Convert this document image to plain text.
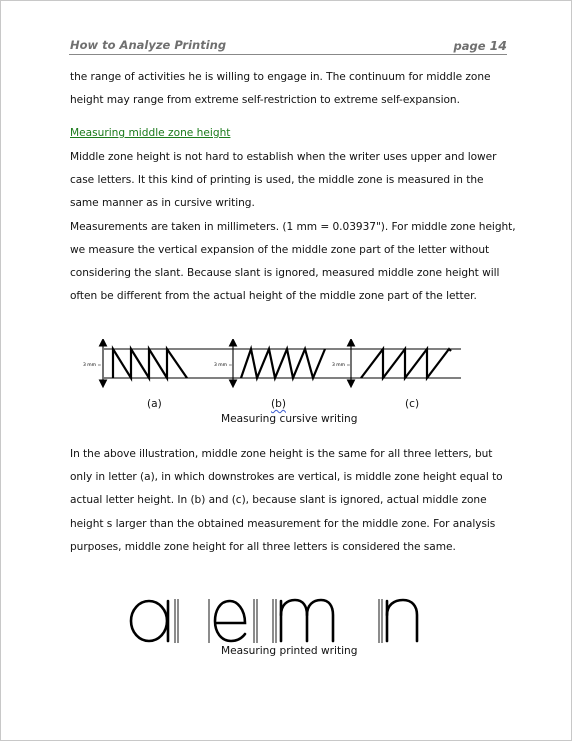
How to Analyze Printing	page 14
the range of activities he is willing to engage in. The continuum for middle zone
height may range from extreme self-restriction to extreme self-expansion.
Measuring middle zone height
Middle zone height is not hard to establish when the writer uses upper and lower
case letters. It this kind of printing is used, the middle zone is measured in the
same manner as in cursive writing.
Measurements are taken in millimeters. (1 mm = 0.03937"). For middle zone height,
we measure the vertical expansion of the middle zone part of the letter without
considering the slant. Because slant is ignored, measured middle zone height will
often be different from the actual height of the middle zone part of the letter.
3 mm =	3 mm =	3 mm =
(a)	(b)	(c)
Measuring cursive writing
In the above illustration, middle zone height is the same for all three letters, but
only in letter (a), in which downstrokes are vertical, is middle zone height equal to
actual letter height. In (b) and (c), because slant is ignored, actual middle zone
height s larger than the obtained measurement for the middle zone. For analysis
purposes, middle zone height for all three letters is considered the same.
Measuring printed writing
